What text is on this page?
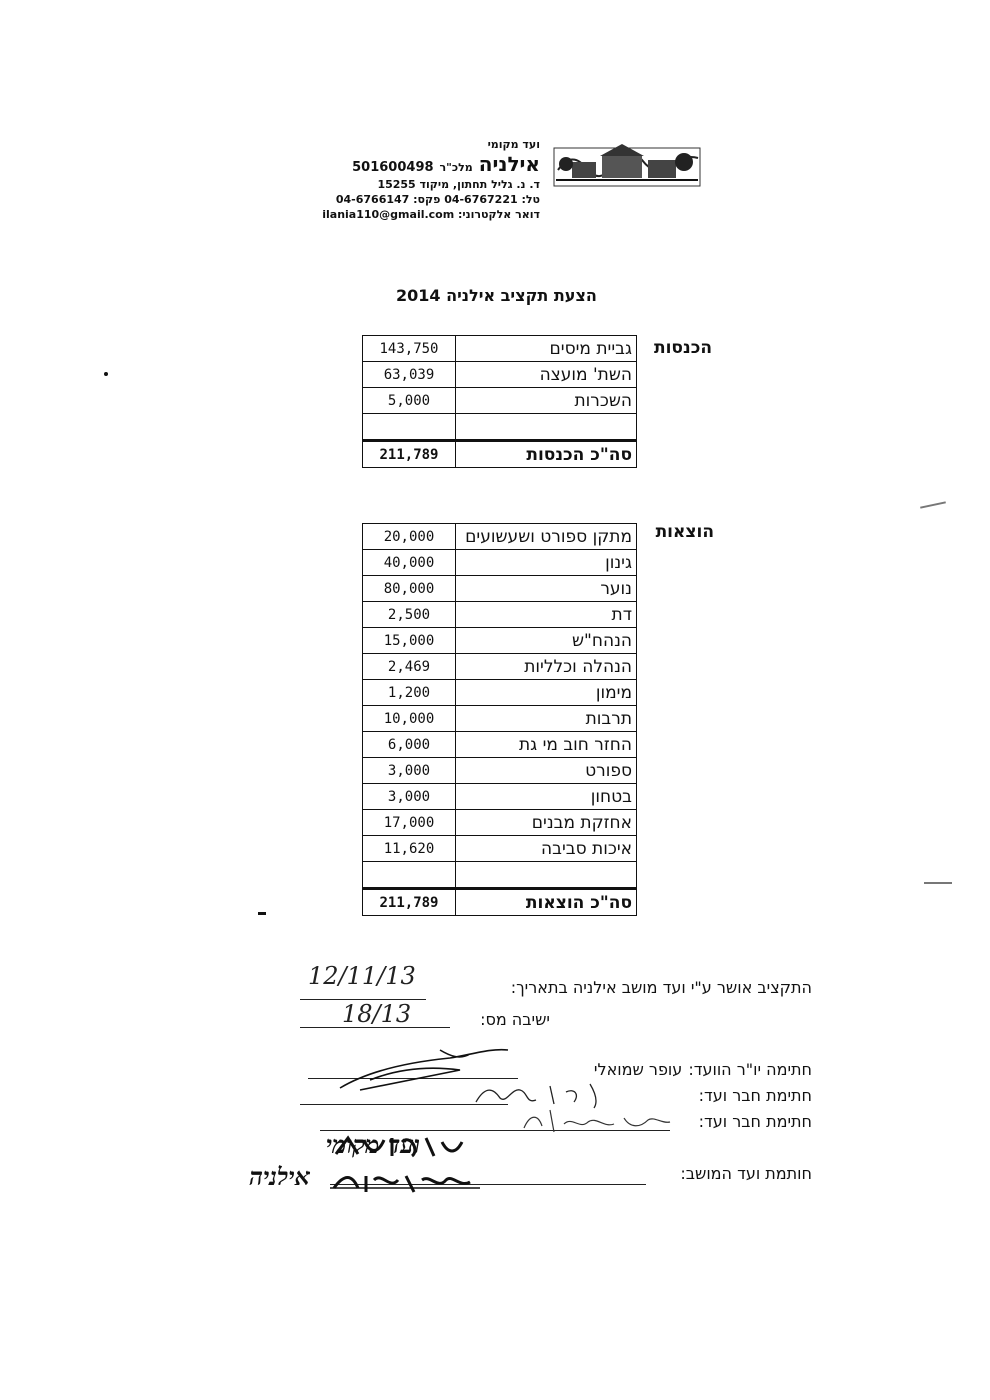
ועד מקומי
אילניה
מלכ"ר
501600498
ד. נ. גליל תחתון, מיקוד 15255
טל: 04-6767221 פקס: 04-6766147
דואר אלקטרוני: ilania110@gmail.com
הצעת תקציב אילניה 2014
הכנסות
גביית מיסים	143,750
השת' מועצה	63,039
השכרות	5,000

סה"כ הכנסות	211,789
הוצאות
מתקן ספורט ושעשועים	20,000
גינון	40,000
נוער	80,000
דת	2,500
הנהח"ש	15,000
הנהלה וכלליות	2,469
מימון	1,200
תרבות	10,000
החזר חוב מי גת	6,000
ספורט	3,000
בטחון	3,000
אחזקת מבנים	17,000
איכות סביבה	11,620

סה"כ הוצאות	211,789
התקציב אושר ע"י ועד מושב אילניה בתאריך:
12/11/13
ישיבה מס:
18/13
חתימה יו"ר הוועד:
עופר שמואלי
חתימת חבר ועד:
חתימת חבר ועד:
חותמת ועד המושב:
ועד מקומי
אילניה
